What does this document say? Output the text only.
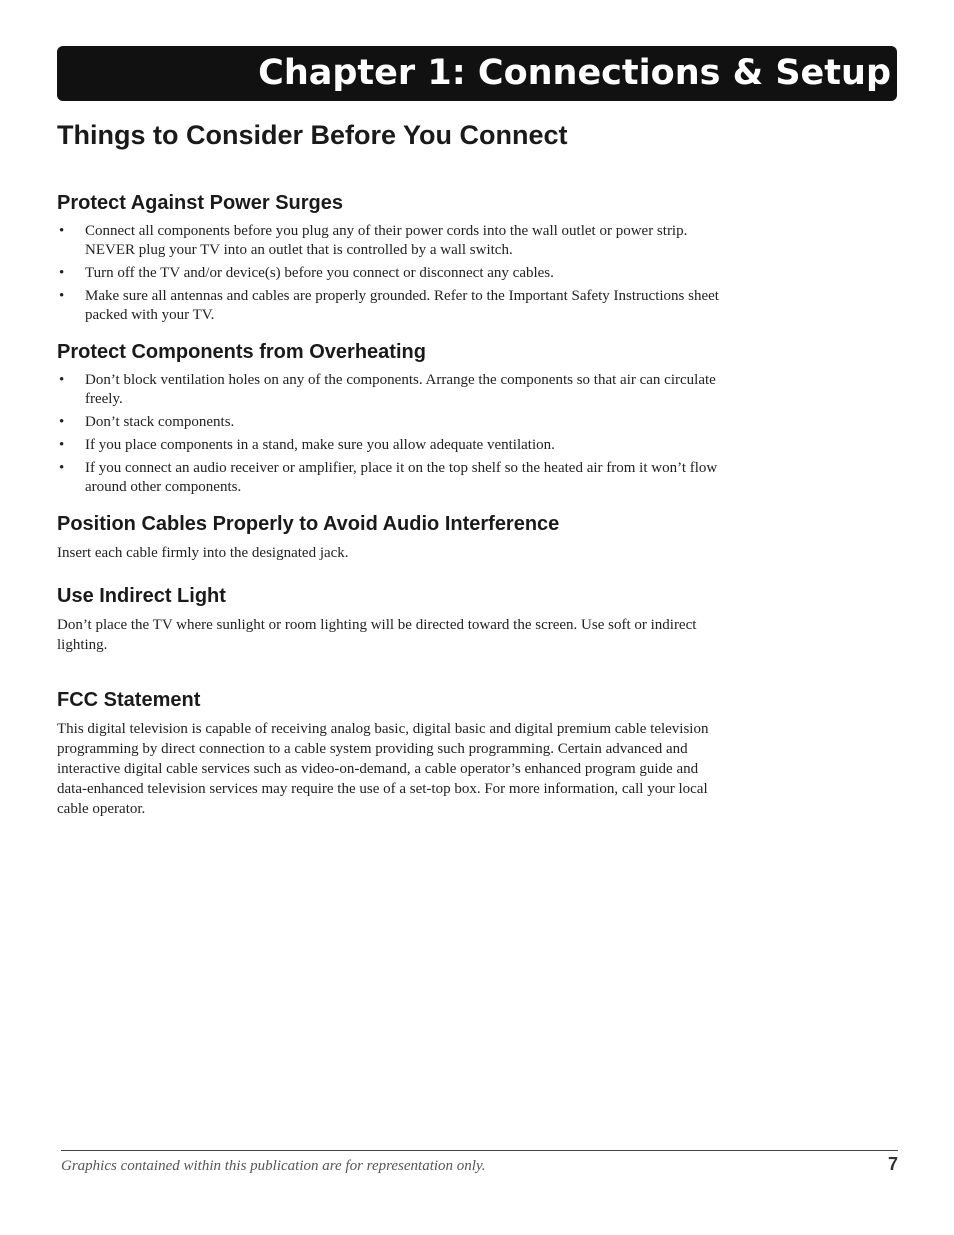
Chapter 1: Connections & Setup
Things to Consider Before You Connect
Protect Against Power Surges
• Connect all components before you plug any of their power cords into the wall outlet or power strip. NEVER plug your TV into an outlet that is controlled by a wall switch.
• Turn off the TV and/or device(s) before you connect or disconnect any cables.
• Make sure all antennas and cables are properly grounded. Refer to the Important Safety Instructions sheet packed with your TV.
Protect Components from Overheating
• Don’t block ventilation holes on any of the components. Arrange the components so that air can circulate freely.
• Don’t stack components.
• If you place components in a stand, make sure you allow adequate ventilation.
• If you connect an audio receiver or amplifier, place it on the top shelf so the heated air from it won’t flow around other components.
Position Cables Properly to Avoid Audio Interference

Insert each cable firmly into the designated jack.

Use Indirect Light

Don’t place the TV where sunlight or room lighting will be directed toward the screen. Use soft or indirect lighting.

FCC Statement

This digital television is capable of receiving analog basic, digital basic and digital premium cable television programming by direct connection to a cable system providing such programming. Certain advanced and interactive digital cable services such as video-on-demand, a cable operator’s enhanced program guide and data-enhanced television services may require the use of a set-top box. For more information, call your local cable operator.

Graphics contained within this publication are for representation only.	7
